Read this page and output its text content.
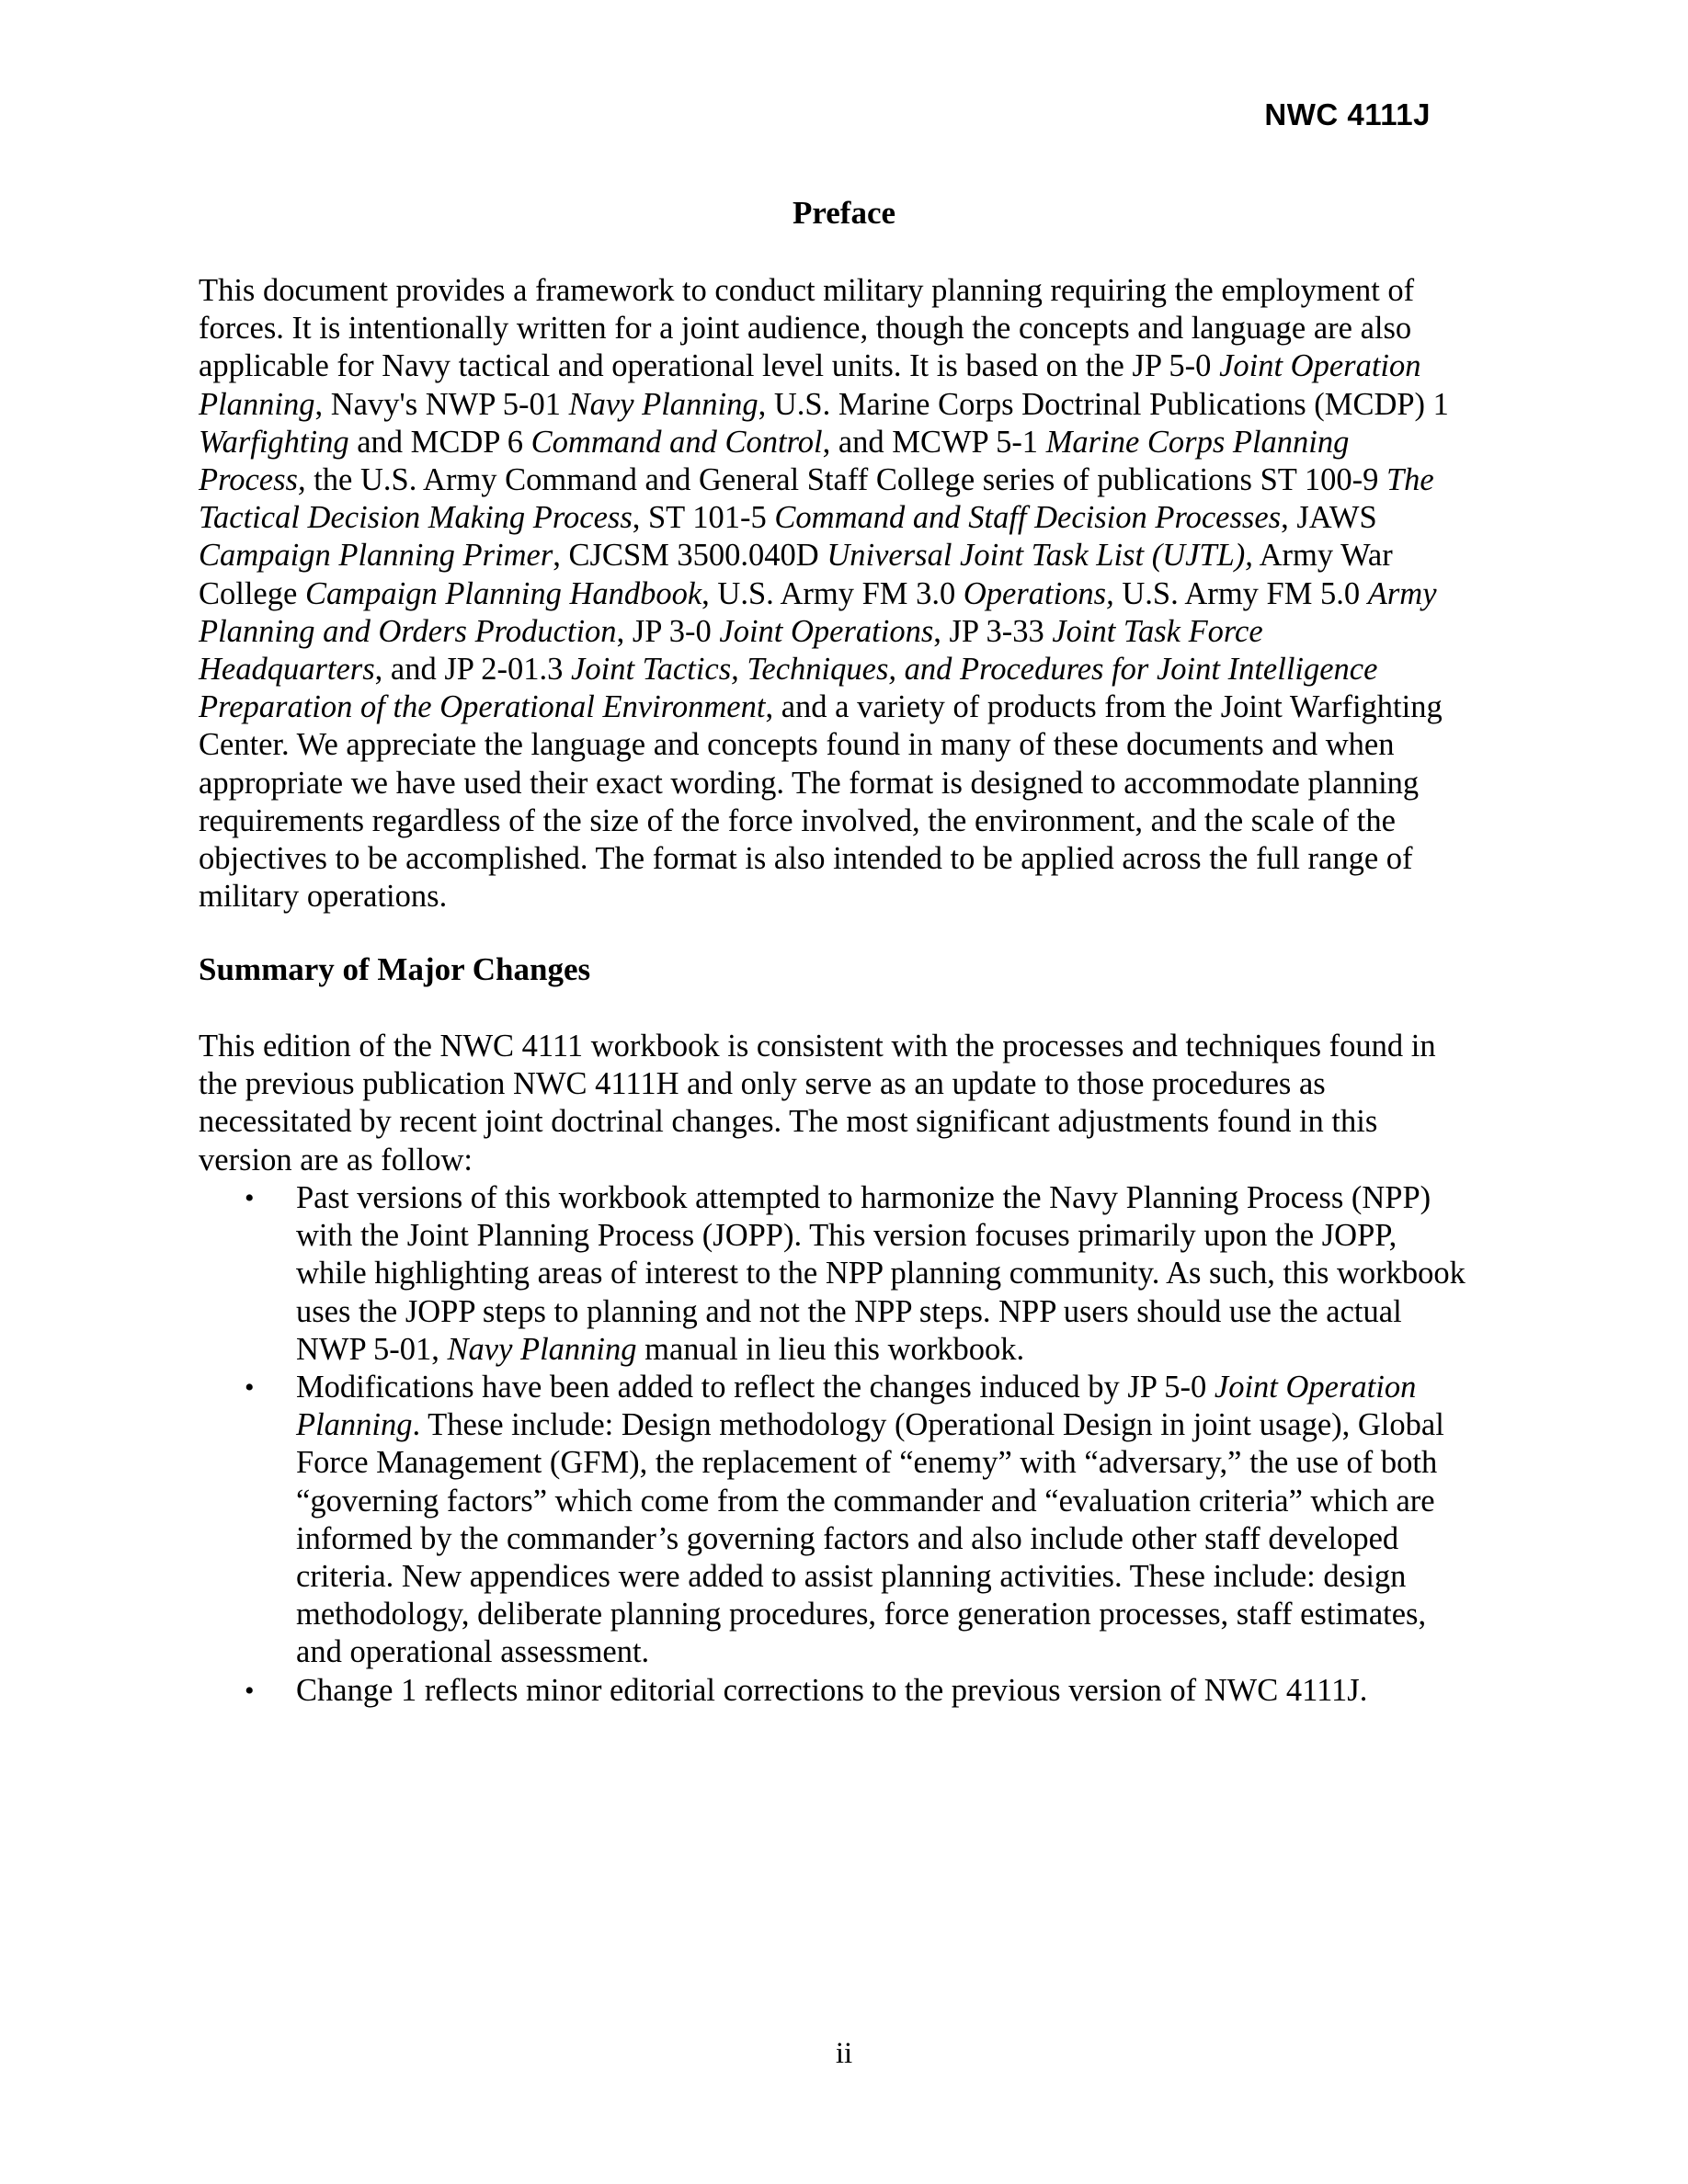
NWC 4111J
Preface

This document provides a framework to conduct military planning requiring the employment of forces. It is intentionally written for a joint audience, though the concepts and language are also applicable for Navy tactical and operational level units. It is based on the JP 5-0 Joint Operation Planning, Navy's NWP 5-01 Navy Planning, U.S. Marine Corps Doctrinal Publications (MCDP) 1 Warfighting and MCDP 6 Command and Control, and MCWP 5-1 Marine Corps Planning Process, the U.S. Army Command and General Staff College series of publications ST 100-9 The Tactical Decision Making Process, ST 101-5 Command and Staff Decision Processes, JAWS Campaign Planning Primer, CJCSM 3500.040D Universal Joint Task List (UJTL), Army War College Campaign Planning Handbook, U.S. Army FM 3.0 Operations, U.S. Army FM 5.0 Army Planning and Orders Production, JP 3-0 Joint Operations, JP 3-33 Joint Task Force Headquarters, and JP 2-01.3 Joint Tactics, Techniques, and Procedures for Joint Intelligence Preparation of the Operational Environment, and a variety of products from the Joint Warfighting Center. We appreciate the language and concepts found in many of these documents and when appropriate we have used their exact wording. The format is designed to accommodate planning requirements regardless of the size of the force involved, the environment, and the scale of the objectives to be accomplished. The format is also intended to be applied across the full range of military operations.

Summary of Major Changes

This edition of the NWC 4111 workbook is consistent with the processes and techniques found in the previous publication NWC 4111H and only serve as an update to those procedures as necessitated by recent joint doctrinal changes. The most significant adjustments found in this version are as follow:

• Past versions of this workbook attempted to harmonize the Navy Planning Process (NPP) with the Joint Planning Process (JOPP). This version focuses primarily upon the JOPP, while highlighting areas of interest to the NPP planning community. As such, this workbook uses the JOPP steps to planning and not the NPP steps. NPP users should use the actual NWP 5-01, Navy Planning manual in lieu this workbook.
• Modifications have been added to reflect the changes induced by JP 5-0 Joint Operation Planning. These include: Design methodology (Operational Design in joint usage), Global Force Management (GFM), the replacement of “enemy” with “adversary,” the use of both “governing factors” which come from the commander and “evaluation criteria” which are informed by the commander’s governing factors and also include other staff developed criteria. New appendices were added to assist planning activities. These include: design methodology, deliberate planning procedures, force generation processes, staff estimates, and operational assessment.
• Change 1 reflects minor editorial corrections to the previous version of NWC 4111J.
ii
